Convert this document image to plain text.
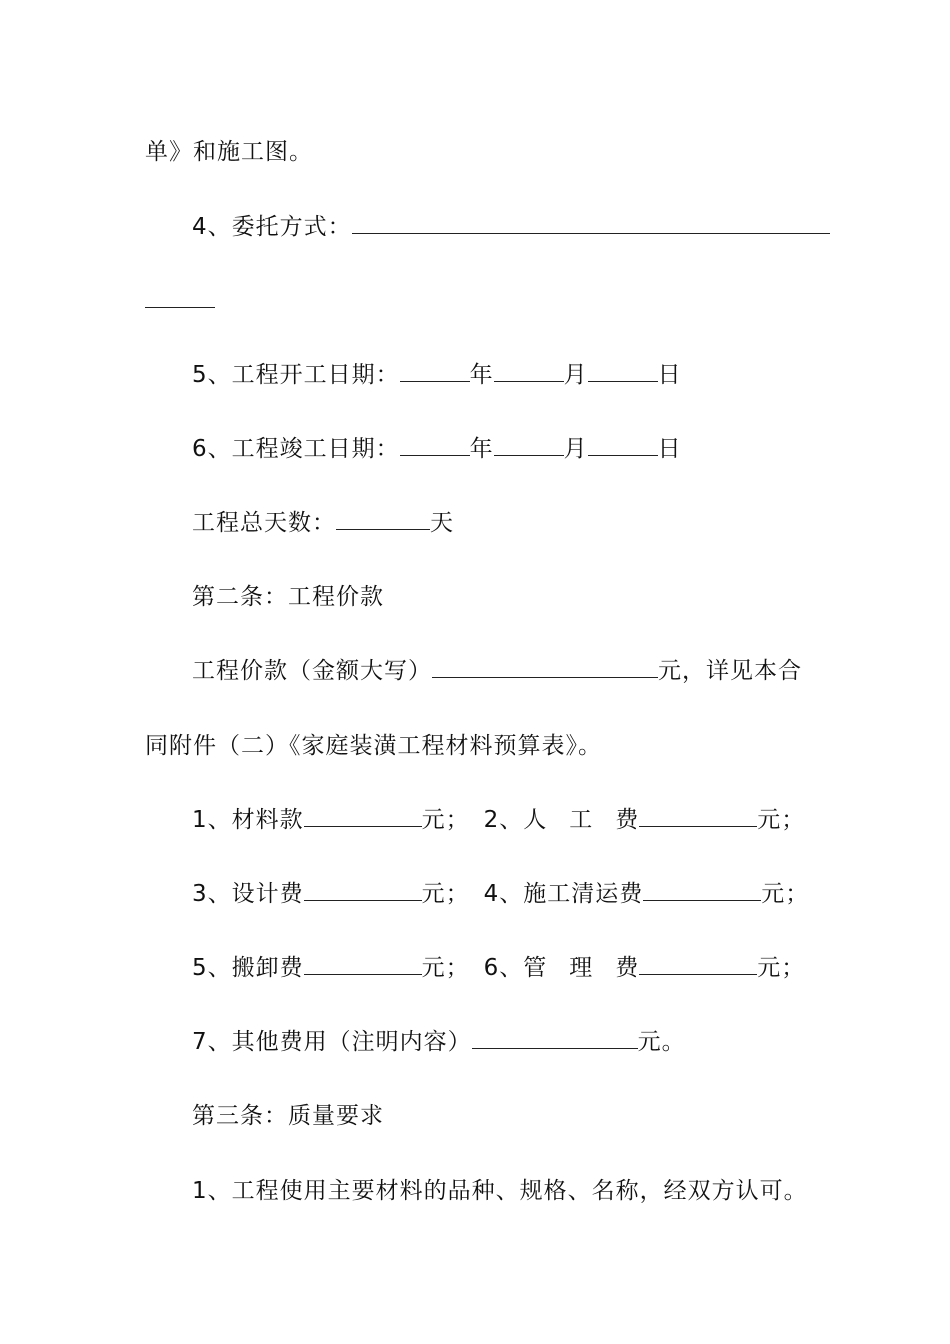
单》和施工图。
4、委托方式：
5、工程开工日期：	年	月	日
6、工程竣工日期：	年	月	日
工程总天数：	天
第二条：工程价款
工程价款（金额大写）	元，详见本合
同附件（二）《家庭装潢工程材料预算表》。
1、材料款	元； 2、人 工 费	元；
3、设计费	元； 4、施工清运费	元；
5、搬卸费	元； 6、管 理 费	元；
7、其他费用（注明内容）	元。
第三条：质量要求
1、工程使用主要材料的品种、规格、名称，经双方认可。
